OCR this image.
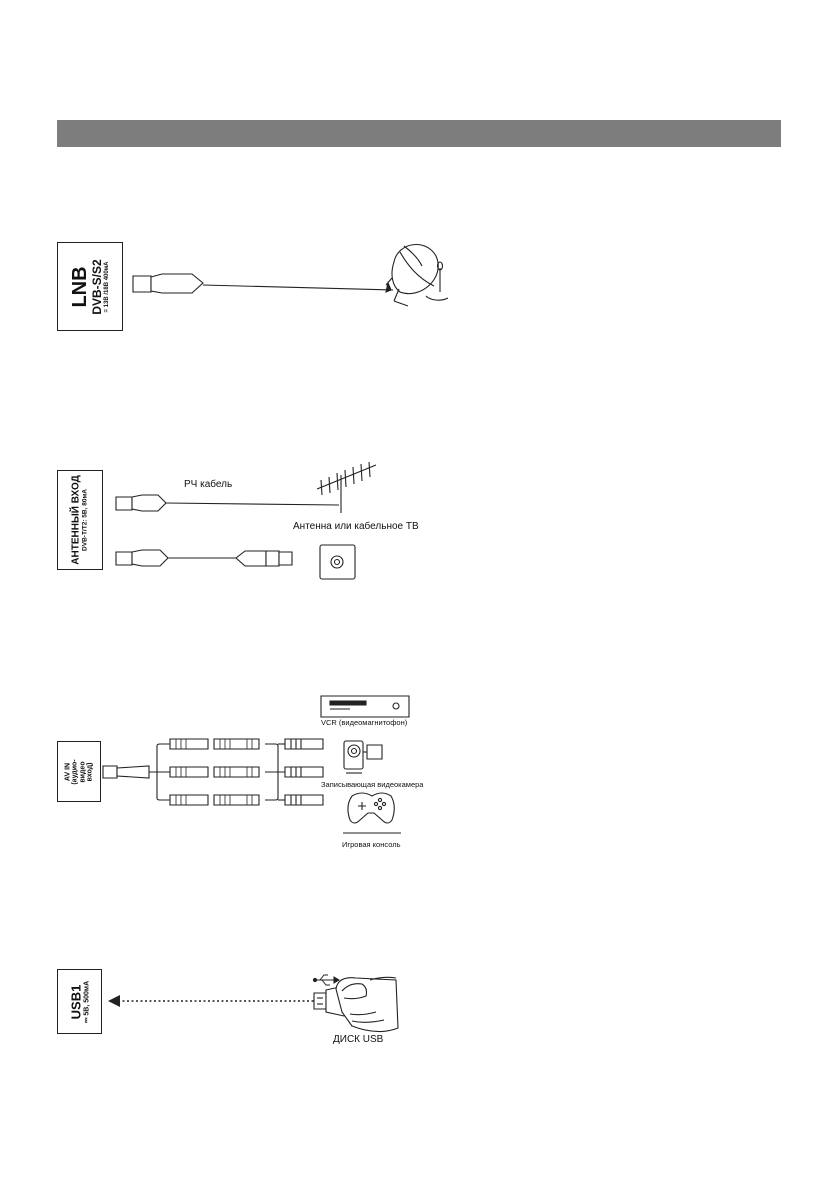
LNB DVB-S/S2 = 13В /18В 400мА
АНТЕННЫЙ ВХОД DVB-T/T2: 5В, 80мА
AV IN (аудио- видео вход)
USB1
⎓ 5В, 500мА
РЧ кабель
Антенна или кабельное ТВ
VCR (видеомагнитофон)
Записывающая видеокамера
Игровая консоль
ДИСК USB
